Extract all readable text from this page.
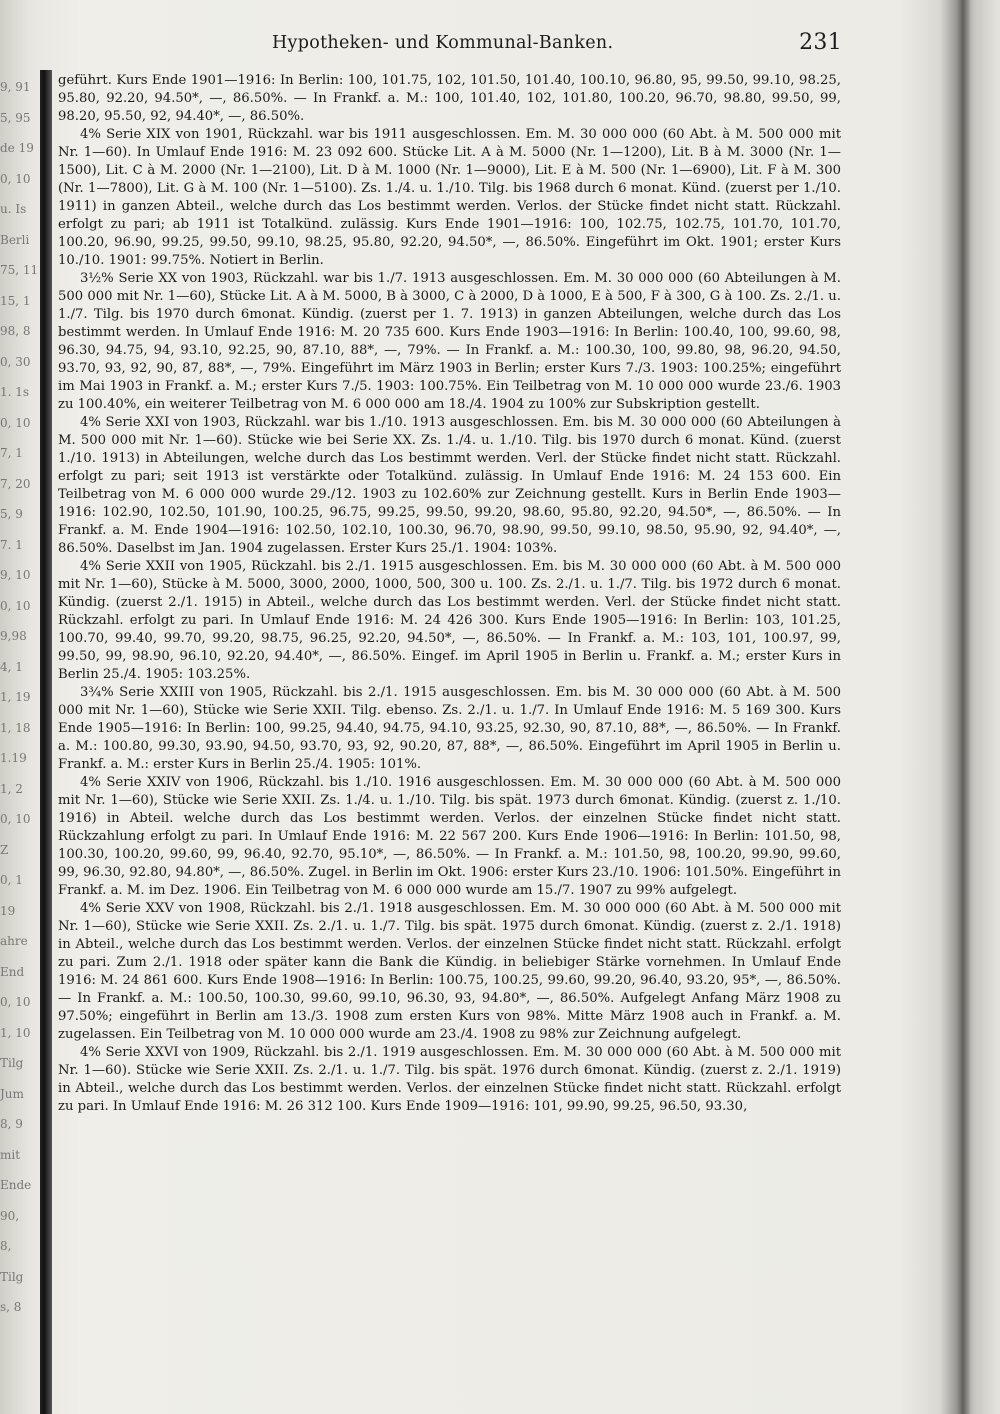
9, 91
5, 95
de 19
0, 10
u. Is
Berli
75, 11
15, 1
98, 8
0, 30
1. 1s
0, 10
7, 1
7, 20
5, 9
7. 1
9, 10
0, 10
9,98
4, 1
1, 19
1, 18
1.19
1, 2
0, 10
Z
0, 1
19
ahre
End
0, 10
1, 10
Tilg
Jum
8, 9
mit
Ende
90,
8,
Tilg
s, 8
Hypotheken- und Kommunal-Banken.	231

geführt. Kurs Ende 1901—1916: In Berlin: 100, 101.75, 102, 101.50, 101.40, 100.10, 96.80, 95, 99.50, 99.10, 98.25, 95.80, 92.20, 94.50*, —, 86.50%. — In Frankf. a. M.: 100, 101.40, 102, 101.80, 100.20, 96.70, 98.80, 99.50, 99, 98.20, 95.50, 92, 94.40*, —, 86.50%.

4% Serie XIX von 1901, Rückzahl. war bis 1911 ausgeschlossen. Em. M. 30 000 000 (60 Abt. à M. 500 000 mit Nr. 1—60). In Umlauf Ende 1916: M. 23 092 600. Stücke Lit. A à M. 5000 (Nr. 1—1200), Lit. B à M. 3000 (Nr. 1—1500), Lit. C à M. 2000 (Nr. 1—2100), Lit. D à M. 1000 (Nr. 1—9000), Lit. E à M. 500 (Nr. 1—6900), Lit. F à M. 300 (Nr. 1—7800), Lit. G à M. 100 (Nr. 1—5100). Zs. 1./4. u. 1./10. Tilg. bis 1968 durch 6 monat. Künd. (zuerst per 1./10. 1911) in ganzen Abteil., welche durch das Los bestimmt werden. Verlos. der Stücke findet nicht statt. Rückzahl. erfolgt zu pari; ab 1911 ist Totalkünd. zulässig. Kurs Ende 1901—1916: 100, 102.75, 102.75, 101.70, 101.70, 100.20, 96.90, 99.25, 99.50, 99.10, 98.25, 95.80, 92.20, 94.50*, —, 86.50%. Eingeführt im Okt. 1901; erster Kurs 10./10. 1901: 99.75%. Notiert in Berlin.

3½% Serie XX von 1903, Rückzahl. war bis 1./7. 1913 ausgeschlossen. Em. M. 30 000 000 (60 Abteilungen à M. 500 000 mit Nr. 1—60), Stücke Lit. A à M. 5000, B à 3000, C à 2000, D à 1000, E à 500, F à 300, G à 100. Zs. 2./1. u. 1./7. Tilg. bis 1970 durch 6monat. Kündig. (zuerst per 1. 7. 1913) in ganzen Abteilungen, welche durch das Los bestimmt werden. In Umlauf Ende 1916: M. 20 735 600. Kurs Ende 1903—1916: In Berlin: 100.40, 100, 99.60, 98, 96.30, 94.75, 94, 93.10, 92.25, 90, 87.10, 88*, —, 79%. — In Frankf. a. M.: 100.30, 100, 99.80, 98, 96.20, 94.50, 93.70, 93, 92, 90, 87, 88*, —, 79%. Eingeführt im März 1903 in Berlin; erster Kurs 7./3. 1903: 100.25%; eingeführt im Mai 1903 in Frankf. a. M.; erster Kurs 7./5. 1903: 100.75%. Ein Teilbetrag von M. 10 000 000 wurde 23./6. 1903 zu 100.40%, ein weiterer Teilbetrag von M. 6 000 000 am 18./4. 1904 zu 100% zur Subskription gestellt.

4% Serie XXI von 1903, Rückzahl. war bis 1./10. 1913 ausgeschlossen. Em. bis M. 30 000 000 (60 Abteilungen à M. 500 000 mit Nr. 1—60). Stücke wie bei Serie XX. Zs. 1./4. u. 1./10. Tilg. bis 1970 durch 6 monat. Künd. (zuerst 1./10. 1913) in Abteilungen, welche durch das Los bestimmt werden. Verl. der Stücke findet nicht statt. Rückzahl. erfolgt zu pari; seit 1913 ist verstärkte oder Totalkünd. zulässig. In Umlauf Ende 1916: M. 24 153 600. Ein Teilbetrag von M. 6 000 000 wurde 29./12. 1903 zu 102.60% zur Zeichnung gestellt. Kurs in Berlin Ende 1903—1916: 102.90, 102.50, 101.90, 100.25, 96.75, 99.25, 99.50, 99.20, 98.60, 95.80, 92.20, 94.50*, —, 86.50%. — In Frankf. a. M. Ende 1904—1916: 102.50, 102.10, 100.30, 96.70, 98.90, 99.50, 99.10, 98.50, 95.90, 92, 94.40*, —, 86.50%. Daselbst im Jan. 1904 zugelassen. Erster Kurs 25./1. 1904: 103%.

4% Serie XXII von 1905, Rückzahl. bis 2./1. 1915 ausgeschlossen. Em. bis M. 30 000 000 (60 Abt. à M. 500 000 mit Nr. 1—60), Stücke à M. 5000, 3000, 2000, 1000, 500, 300 u. 100. Zs. 2./1. u. 1./7. Tilg. bis 1972 durch 6 monat. Kündig. (zuerst 2./1. 1915) in Abteil., welche durch das Los bestimmt werden. Verl. der Stücke findet nicht statt. Rückzahl. erfolgt zu pari. In Umlauf Ende 1916: M. 24 426 300. Kurs Ende 1905—1916: In Berlin: 103, 101.25, 100.70, 99.40, 99.70, 99.20, 98.75, 96.25, 92.20, 94.50*, —, 86.50%. — In Frankf. a. M.: 103, 101, 100.97, 99, 99.50, 99, 98.90, 96.10, 92.20, 94.40*, —, 86.50%. Eingef. im April 1905 in Berlin u. Frankf. a. M.; erster Kurs in Berlin 25./4. 1905: 103.25%.

3¾% Serie XXIII von 1905, Rückzahl. bis 2./1. 1915 ausgeschlossen. Em. bis M. 30 000 000 (60 Abt. à M. 500 000 mit Nr. 1—60), Stücke wie Serie XXII. Tilg. ebenso. Zs. 2./1. u. 1./7. In Umlauf Ende 1916: M. 5 169 300. Kurs Ende 1905—1916: In Berlin: 100, 99.25, 94.40, 94.75, 94.10, 93.25, 92.30, 90, 87.10, 88*, —, 86.50%. — In Frankf. a. M.: 100.80, 99.30, 93.90, 94.50, 93.70, 93, 92, 90.20, 87, 88*, —, 86.50%. Eingeführt im April 1905 in Berlin u. Frankf. a. M.: erster Kurs in Berlin 25./4. 1905: 101%.

4% Serie XXIV von 1906, Rückzahl. bis 1./10. 1916 ausgeschlossen. Em. M. 30 000 000 (60 Abt. à M. 500 000 mit Nr. 1—60), Stücke wie Serie XXII. Zs. 1./4. u. 1./10. Tilg. bis spät. 1973 durch 6monat. Kündig. (zuerst z. 1./10. 1916) in Abteil. welche durch das Los bestimmt werden. Verlos. der einzelnen Stücke findet nicht statt. Rückzahlung erfolgt zu pari. In Umlauf Ende 1916: M. 22 567 200. Kurs Ende 1906—1916: In Berlin: 101.50, 98, 100.30, 100.20, 99.60, 99, 96.40, 92.70, 95.10*, —, 86.50%. — In Frankf. a. M.: 101.50, 98, 100.20, 99.90, 99.60, 99, 96.30, 92.80, 94.80*, —, 86.50%. Zugel. in Berlin im Okt. 1906: erster Kurs 23./10. 1906: 101.50%. Eingeführt in Frankf. a. M. im Dez. 1906. Ein Teilbetrag von M. 6 000 000 wurde am 15./7. 1907 zu 99% aufgelegt.

4% Serie XXV von 1908, Rückzahl. bis 2./1. 1918 ausgeschlossen. Em. M. 30 000 000 (60 Abt. à M. 500 000 mit Nr. 1—60), Stücke wie Serie XXII. Zs. 2./1. u. 1./7. Tilg. bis spät. 1975 durch 6monat. Kündig. (zuerst z. 2./1. 1918) in Abteil., welche durch das Los bestimmt werden. Verlos. der einzelnen Stücke findet nicht statt. Rückzahl. erfolgt zu pari. Zum 2./1. 1918 oder später kann die Bank die Kündig. in beliebiger Stärke vornehmen. In Umlauf Ende 1916: M. 24 861 600. Kurs Ende 1908—1916: In Berlin: 100.75, 100.25, 99.60, 99.20, 96.40, 93.20, 95*, —, 86.50%. — In Frankf. a. M.: 100.50, 100.30, 99.60, 99.10, 96.30, 93, 94.80*, —, 86.50%. Aufgelegt Anfang März 1908 zu 97.50%; eingeführt in Berlin am 13./3. 1908 zum ersten Kurs von 98%. Mitte März 1908 auch in Frankf. a. M. zugelassen. Ein Teilbetrag von M. 10 000 000 wurde am 23./4. 1908 zu 98% zur Zeichnung aufgelegt.

4% Serie XXVI von 1909, Rückzahl. bis 2./1. 1919 ausgeschlossen. Em. M. 30 000 000 (60 Abt. à M. 500 000 mit Nr. 1—60). Stücke wie Serie XXII. Zs. 2./1. u. 1./7. Tilg. bis spät. 1976 durch 6monat. Kündig. (zuerst z. 2./1. 1919) in Abteil., welche durch das Los bestimmt werden. Verlos. der einzelnen Stücke findet nicht statt. Rückzahl. erfolgt zu pari. In Umlauf Ende 1916: M. 26 312 100. Kurs Ende 1909—1916: 101, 99.90, 99.25, 96.50, 93.30,
